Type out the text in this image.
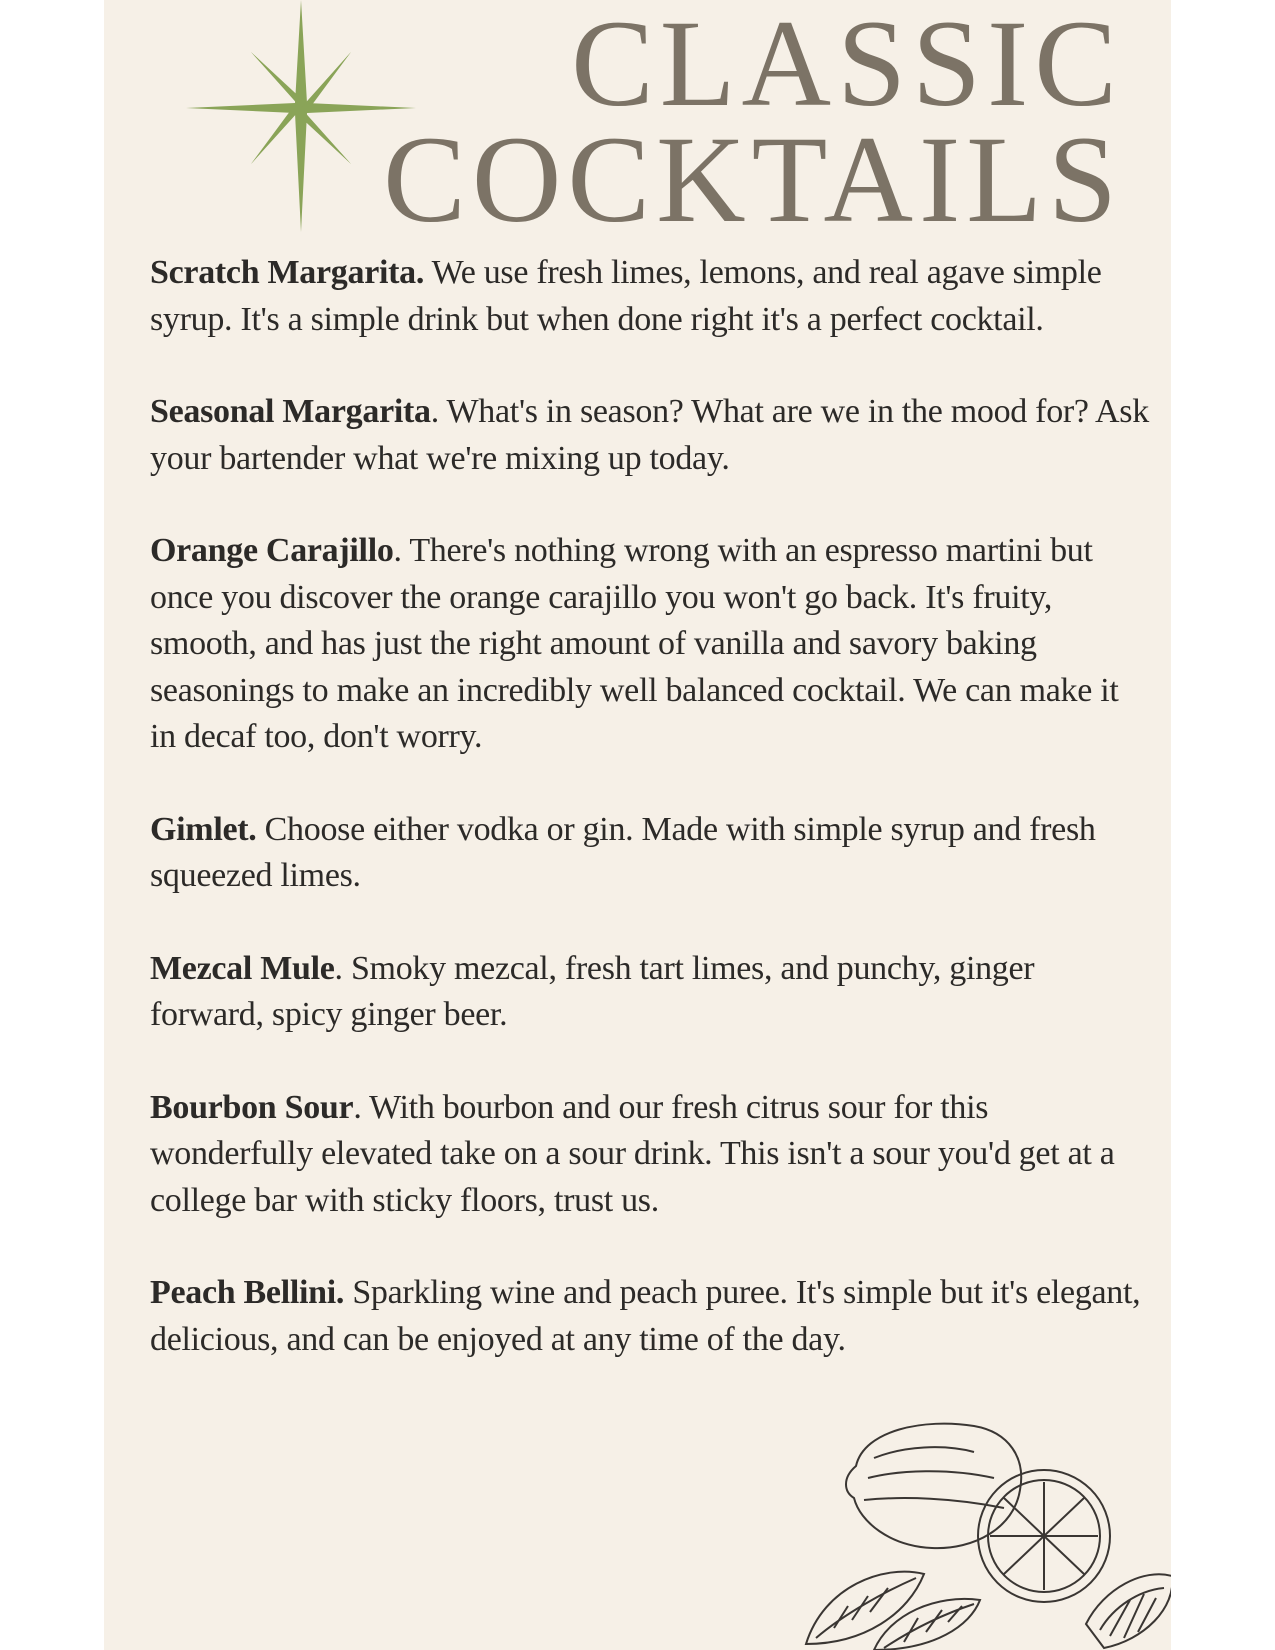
CLASSIC
COCKTAILS
Scratch Margarita. We use fresh limes, lemons, and real agave simple syrup. It's a simple drink but when done right it's a perfect cocktail.
Seasonal Margarita. What's in season? What are we in the mood for? Ask your bartender what we're mixing up today.
Orange Carajillo. There's nothing wrong with an espresso martini but once you discover the orange carajillo you won't go back. It's fruity, smooth, and has just the right amount of vanilla and savory baking seasonings to make an incredibly well balanced cocktail. We can make it in decaf too, don't worry.
Gimlet. Choose either vodka or gin. Made with simple syrup and fresh squeezed limes.
Mezcal Mule. Smoky mezcal, fresh tart limes, and punchy, ginger forward, spicy ginger beer.
Bourbon Sour. With bourbon and our fresh citrus sour for this wonderfully elevated take on a sour drink. This isn't a sour you'd get at a college bar with sticky floors, trust us.
Peach Bellini. Sparkling wine and peach puree. It's simple but it's elegant, delicious, and can be enjoyed at any time of the day.
